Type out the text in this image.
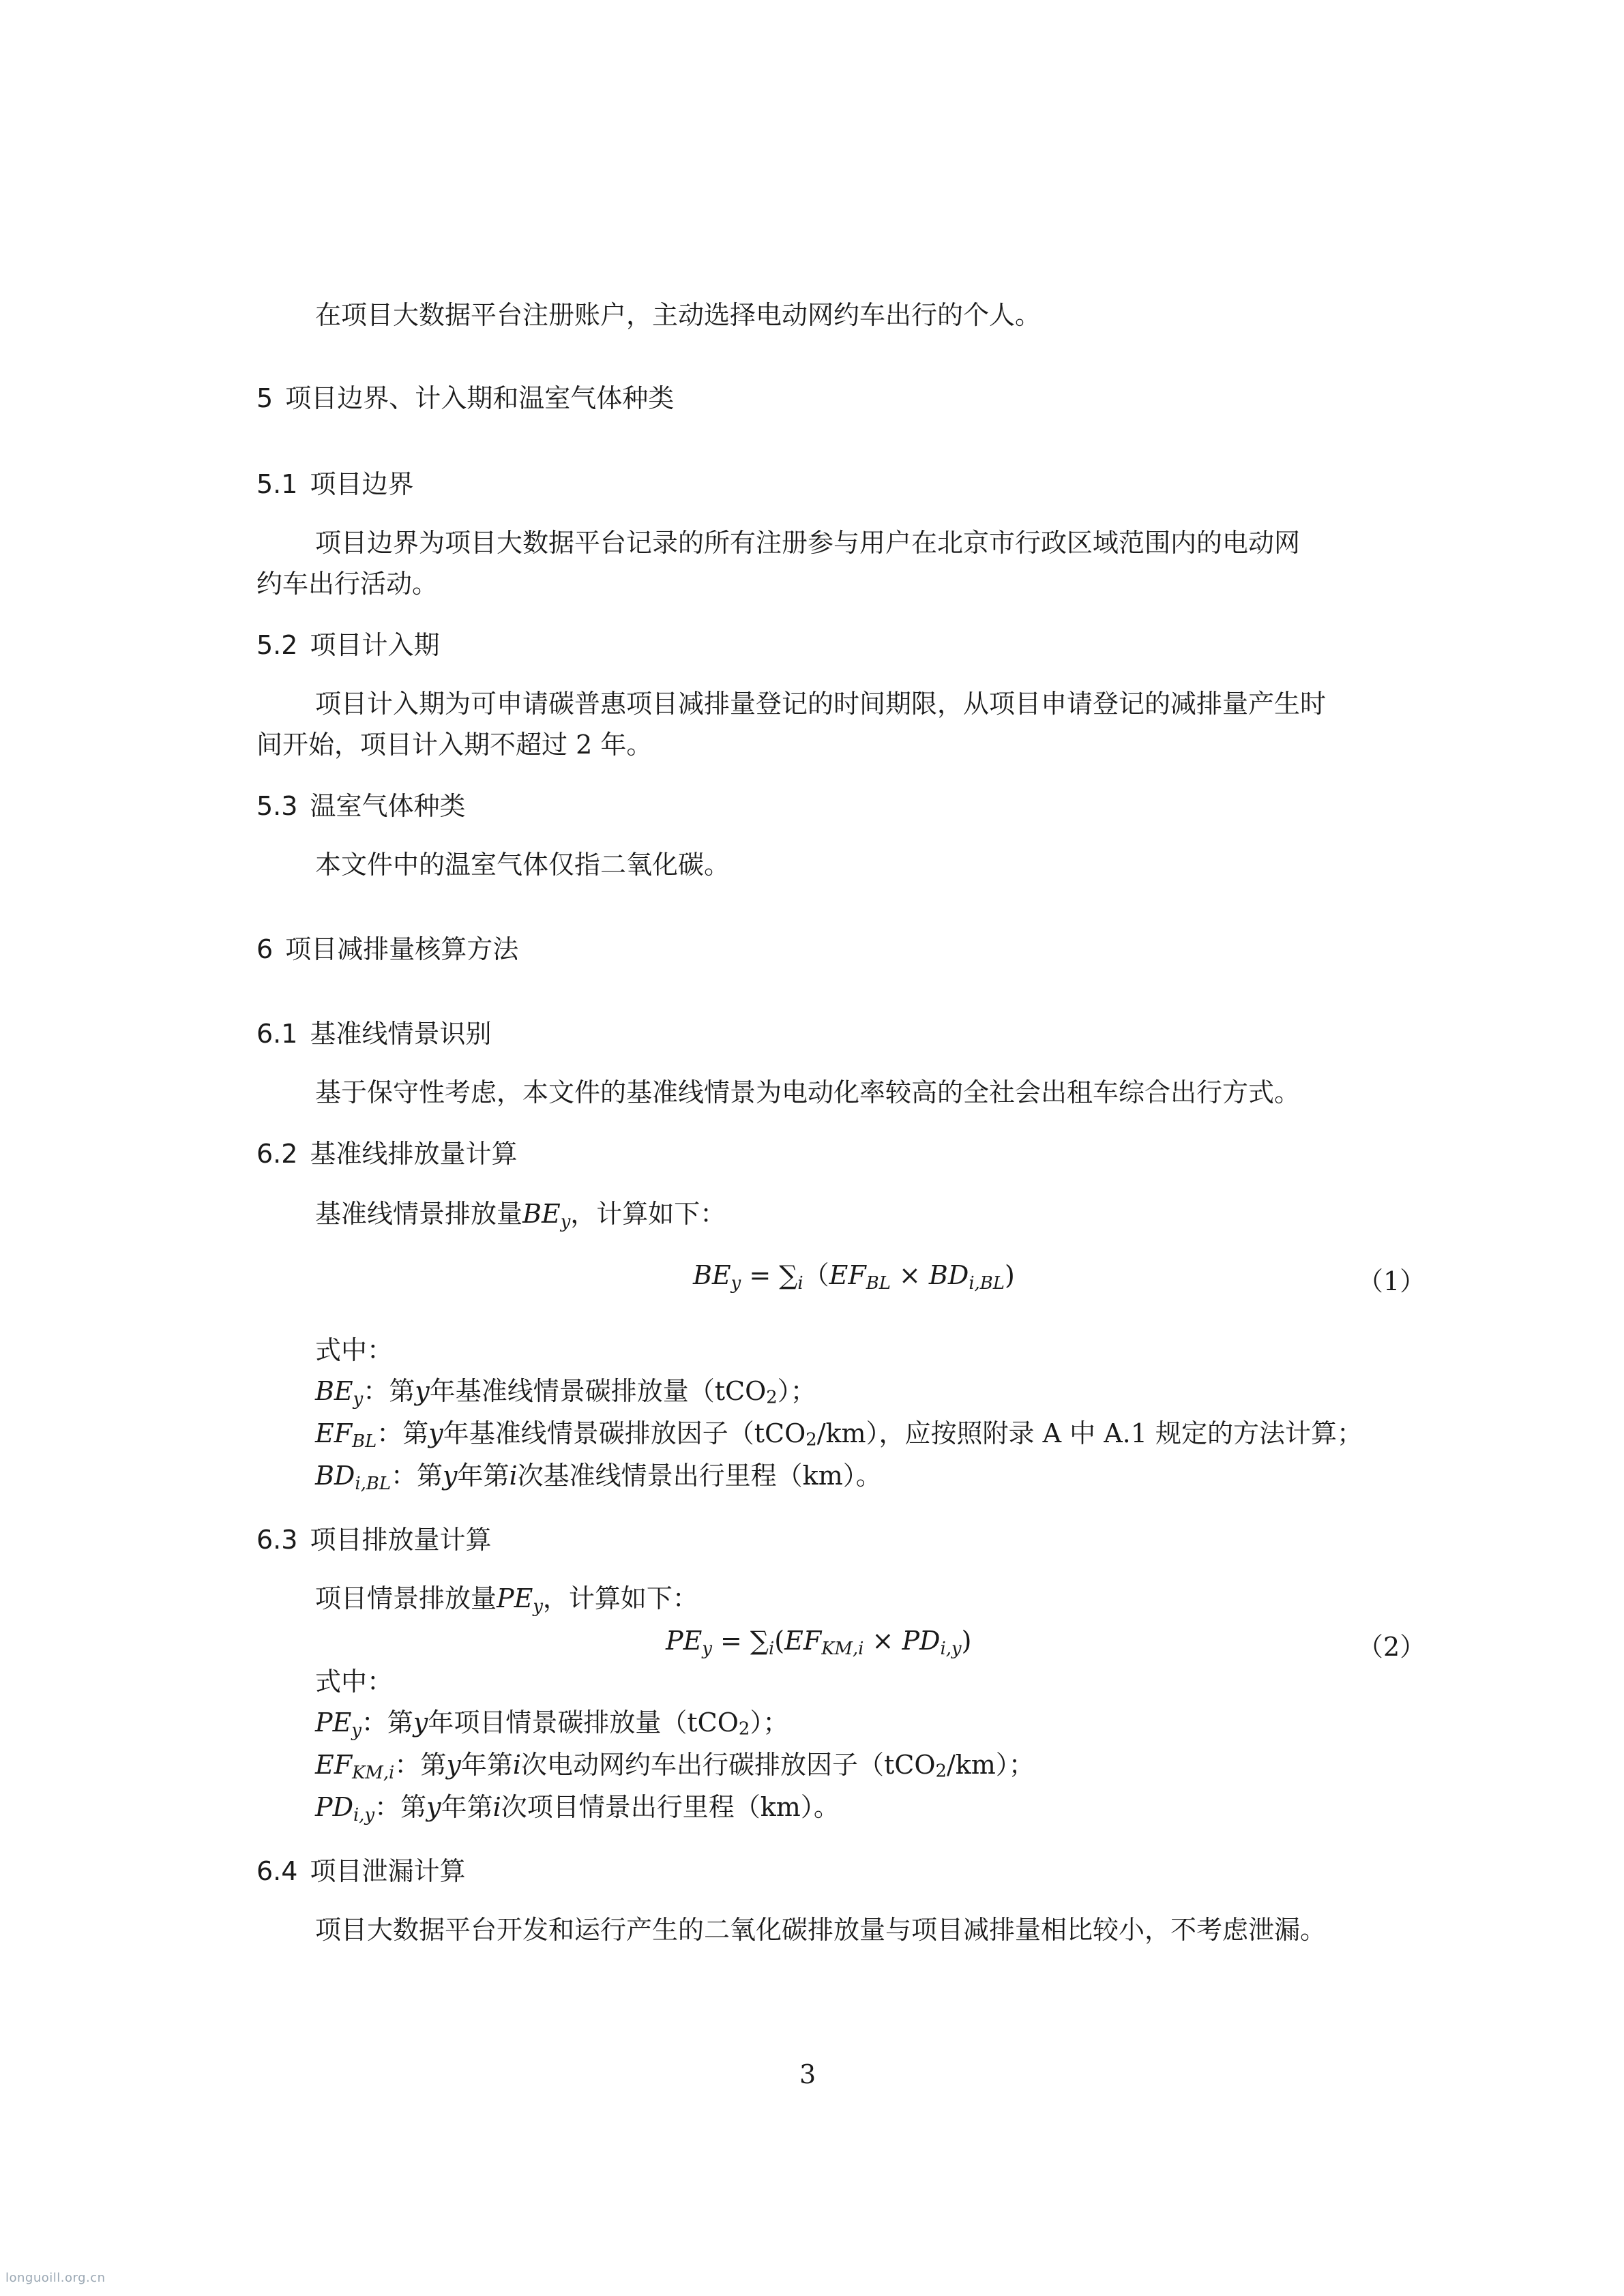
在项目大数据平台注册账户，主动选择电动网约车出行的个人。
5 项目边界、计入期和温室气体种类
5.1 项目边界
项目边界为项目大数据平台记录的所有注册参与用户在北京市行政区域范围内的电动网
约车出行活动。
5.2 项目计入期
项目计入期为可申请碳普惠项目减排量登记的时间期限，从项目申请登记的减排量产生时
间开始，项目计入期不超过 2 年。
5.3 温室气体种类
本文件中的温室气体仅指二氧化碳。
6 项目减排量核算方法
6.1 基准线情景识别
基于保守性考虑，本文件的基准线情景为电动化率较高的全社会出租车综合出行方式。
6.2 基准线排放量计算
基准线情景排放量$BE_y$，计算如下：
$BE_y = \sum_i(EF_{BL} \times BD_{i,BL})$	（1）
式中：
$BE_y$：第y年基准线情景碳排放量（tCO2）；
$EF_{BL}$：第y年基准线情景碳排放因子（tCO2/km），应按照附录 A 中 A.1 规定的方法计算；
$BD_{i,BL}$：第y年第i次基准线情景出行里程（km）。
6.3 项目排放量计算
项目情景排放量$PE_y$，计算如下：
$PE_y = \sum_i(EF_{KM,i} \times PD_{i,y})$	（2）
式中：
$PE_y$：第y年项目情景碳排放量（tCO2）；
$EF_{KM,i}$：第y年第i次电动网约车出行碳排放因子（tCO2/km）；
$PD_{i,y}$：第y年第i次项目情景出行里程（km）。
6.4 项目泄漏计算
项目大数据平台开发和运行产生的二氧化碳排放量与项目减排量相比较小，不考虑泄漏。
3
longuoill.org.cn
